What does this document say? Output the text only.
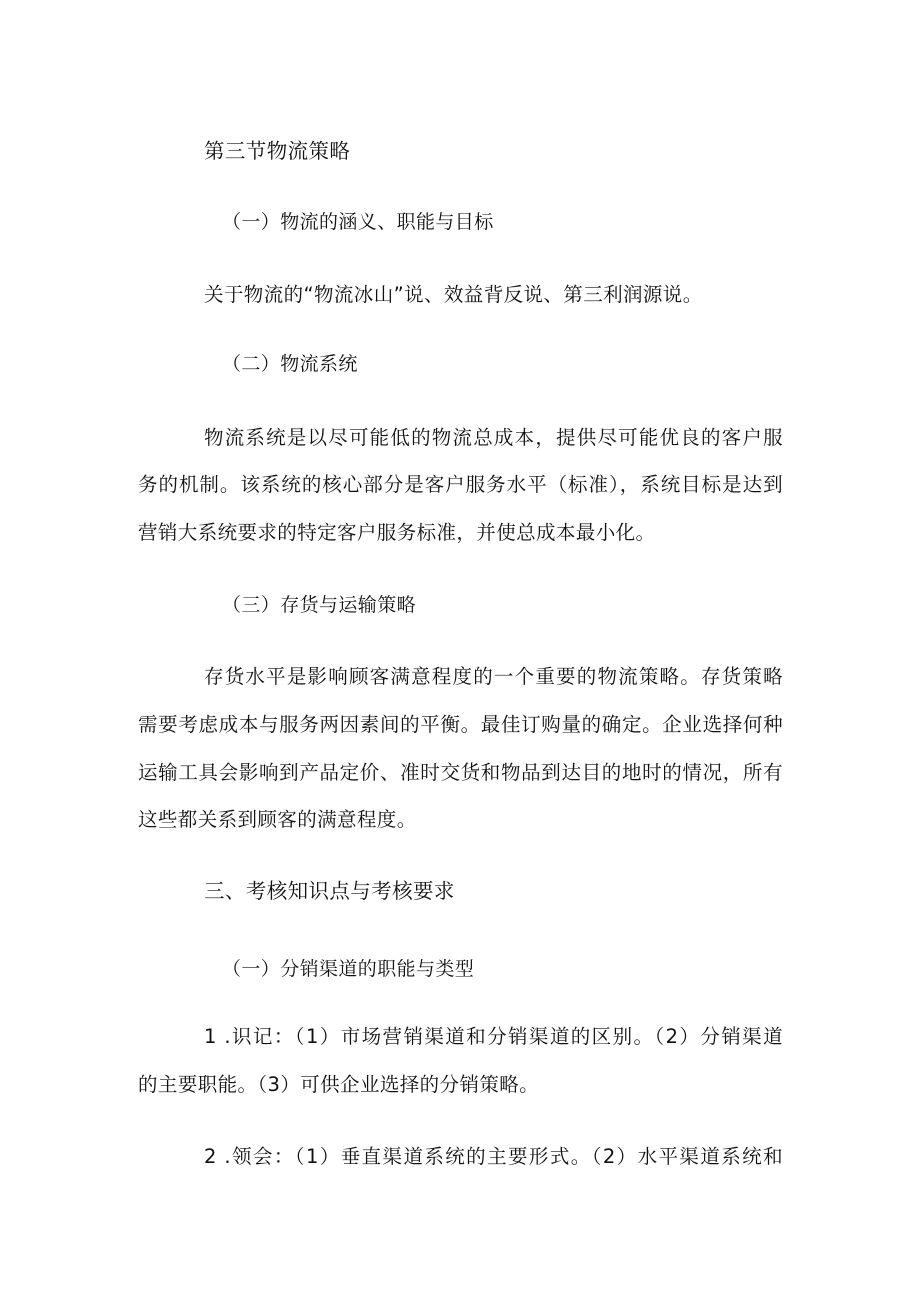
第三节物流策略
（一）物流的涵义、职能与目标
关于物流的“物流冰山”说、效益背反说、第三利润源说。
（二）物流系统
物流系统是以尽可能低的物流总成本，提供尽可能优良的客户服
务的机制。该系统的核心部分是客户服务水平（标准），系统目标是达到
营销大系统要求的特定客户服务标准，并使总成本最小化。
（三）存货与运输策略
存货水平是影响顾客满意程度的一个重要的物流策略。存货策略
需要考虑成本与服务两因素间的平衡。最佳订购量的确定。企业选择何种
运输工具会影响到产品定价、准时交货和物品到达目的地时的情况，所有
这些都关系到顾客的满意程度。
三、考核知识点与考核要求
（一）分销渠道的职能与类型
1 .识记：（1）市场营销渠道和分销渠道的区别。（2）分销渠道
的主要职能。（3）可供企业选择的分销策略。
2 .领会：（1）垂直渠道系统的主要形式。（2）水平渠道系统和
